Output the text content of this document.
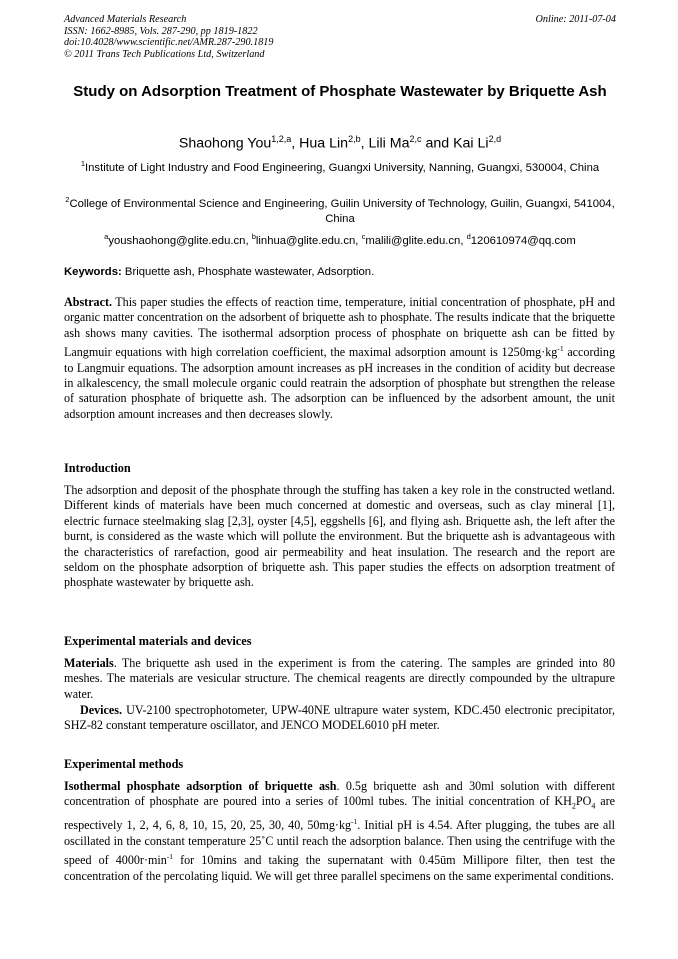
Advanced Materials Research
ISSN: 1662-8985, Vols. 287-290, pp 1819-1822
doi:10.4028/www.scientific.net/AMR.287-290.1819
© 2011 Trans Tech Publications Ltd, Switzerland
Online: 2011-07-04
Study on Adsorption Treatment of Phosphate Wastewater by Briquette Ash
Shaohong You$^{1,2,a}$, Hua Lin$^{2,b}$, Lili Ma$^{2,c}$ and Kai Li$^{2,d}$
$^1$Institute of Light Industry and Food Engineering, Guangxi University, Nanning, Guangxi, 530004, China
$^2$College of Environmental Science and Engineering, Guilin University of Technology, Guilin, Guangxi, 541004, China
$^a$youshaohong@glite.edu.cn, $^b$linhua@glite.edu.cn, $^c$malili@glite.edu.cn, $^d$120610974@qq.com
Keywords: Briquette ash, Phosphate wastewater, Adsorption.

Abstract. This paper studies the effects of reaction time, temperature, initial concentration of phosphate, pH and organic matter concentration on the adsorbent of briquette ash to phosphate. The results indicate that the briquette ash shows many cavities. The isothermal adsorption process of phosphate on briquette ash can be fitted by Langmuir equations with high correlation coefficient, the maximal adsorption amount is $1250mg\cdot kg^{-1}$ according to Langmuir equations. The adsorption amount increases as pH increases in the condition of acidity but decrease in alkalescency, the small molecule organic could reatrain the adsorption of phosphate but strengthen the release of saturation phosphate of briquette ash. The adsorption can be influenced by the adsorbent amount, the unit adsorption amount increases and then decreases slowly.

Introduction

The adsorption and deposit of the phosphate through the stuffing has taken a key role in the constructed wetland. Different kinds of materials have been much concerned at domestic and overseas, such as clay mineral [1], electric furnace steelmaking slag [2,3], oyster [4,5], eggshells [6], and flying ash. Briquette ash, the left after the burnt, is considered as the waste which will pollute the environment. But the briquette ash is advantageous with the characteristics of rarefaction, good air permeability and heat insulation. The research and the report are seldom on the phosphate adsorption of briquette ash. This paper studies the effects on adsorption treatment of phosphate wastewater by briquette ash.

Experimental materials and devices

Materials. The briquette ash used in the experiment is from the catering. The samples are grinded into 80 meshes. The materials are vesicular structure. The chemical reagents are directly compounded by the ultrapure water.

Devices. UV-2100 spectrophotometer, UPW-40NE ultrapure water system, KDC.450 electronic precipitator, SHZ-82 constant temperature oscillator, and JENCO MODEL6010 pH meter.

Experimental methods

Isothermal phosphate adsorption of briquette ash. 0.5g briquette ash and 30ml solution with different concentration of phosphate are poured into a series of 100ml tubes. The initial concentration of $KH_2PO_4$ are respectively 1, 2, 4, 6, 8, 10, 15, 20, 25, 30, 40, $50mg\cdot kg^{-1}$. Initial pH is 4.54. After plugging, the tubes are all oscillated in the constant temperature 25˚C until reach the adsorption balance. Then using the centrifuge with the speed of $4000r\cdot\min^{-1}$ for 10mins and taking the supernatant with 0.45ūm Millipore filter, then test the concentration of the percolating liquid. We will get three parallel specimens on the same experimental conditions.
